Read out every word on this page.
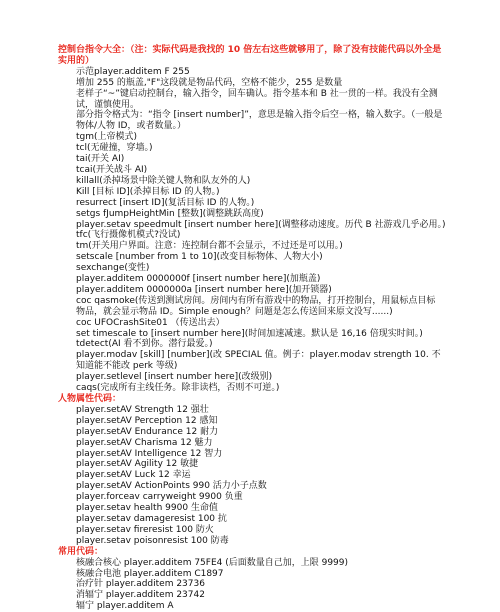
控制台指令大全：（注：实际代码是我找的 10 倍左右这些就够用了，除了没有技能代码以外全是实用的）
示范player.additem F 255
增加 255 的瓶盖,"F"这段就是物品代码，空格不能少，255 是数量
老样子“~”键启动控制台，输入指令，回车确认。指令基本和 B 社一贯的一样。我没有全测试，谨慎使用。
部分指令格式为：“指令 [insert number]”，意思是输入指令后空一格，输入数字。（一般是物体/人物 ID，或者数量。）
tgm(上帝模式)
tcl(无碰撞，穿墙。)
tai(开关 AI)
tcai(开关战斗 AI)
killall(杀掉场景中除关键人物和队友外的人)
Kill [目标 ID](杀掉目标 ID 的人物。)
resurrect [insert ID](复活目标 ID 的人物。)
setgs fJumpHeightMin [整数](调整跳跃高度)
player.setav speedmult [insert number here](调整移动速度。历代 B 社游戏几乎必用。)
tfc(飞行摄像机模式?没试)
tm(开关用户界面。注意：连控制台都不会显示，不过还是可以用。)
setscale [number from 1 to 10](改变目标物体、人物大小)
sexchange(变性)
player.additem 0000000f [insert number here](加瓶盖)
player.additem 0000000a [insert number here](加开锁器)
coc qasmoke(传送到测试房间。房间内有所有游戏中的物品，打开控制台，用鼠标点目标物品，就会显示物品 ID。Simple enough？问题是怎么传送回来原文没写......)
coc UFOCrashSite01 （传送出去）
set timescale to [insert number here](时间加速减速。默认是 16,16 倍现实时间。)
tdetect(AI 看不到你。潜行最爱。)
player.modav [skill] [number](改 SPECIAL 值。例子：player.modav strength 10. 不知道能不能改 perk 等级)
player.setlevel [insert number here](改级别)
caqs(完成所有主线任务。除非读档，否则不可逆。)
人物属性代码：
player.setAV Strength 12 强壮
player.setAV Perception 12 感知
player.setAV Endurance 12 耐力
player.setAV Charisma 12 魅力
player.setAV Intelligence 12 智力
player.setAV Agility 12 敏捷
player.setAV Luck 12 幸运
player.setAV ActionPoints 990 活力小子点数
player.forceav carryweight 9900 负重
player.setav health 9900 生命值
player.setav damageresist 100 抗
player.setav fireresist 100 防火
player.setav poisonresist 100 防毒
常用代码：
核融合核心 player.additem 75FE4 (后面数量自己加，上限 9999)
核融合电池 player.additem C1897
治疗针 player.additem 23736
消辐宁 player.additem 23742
辐宁 player.additem A
